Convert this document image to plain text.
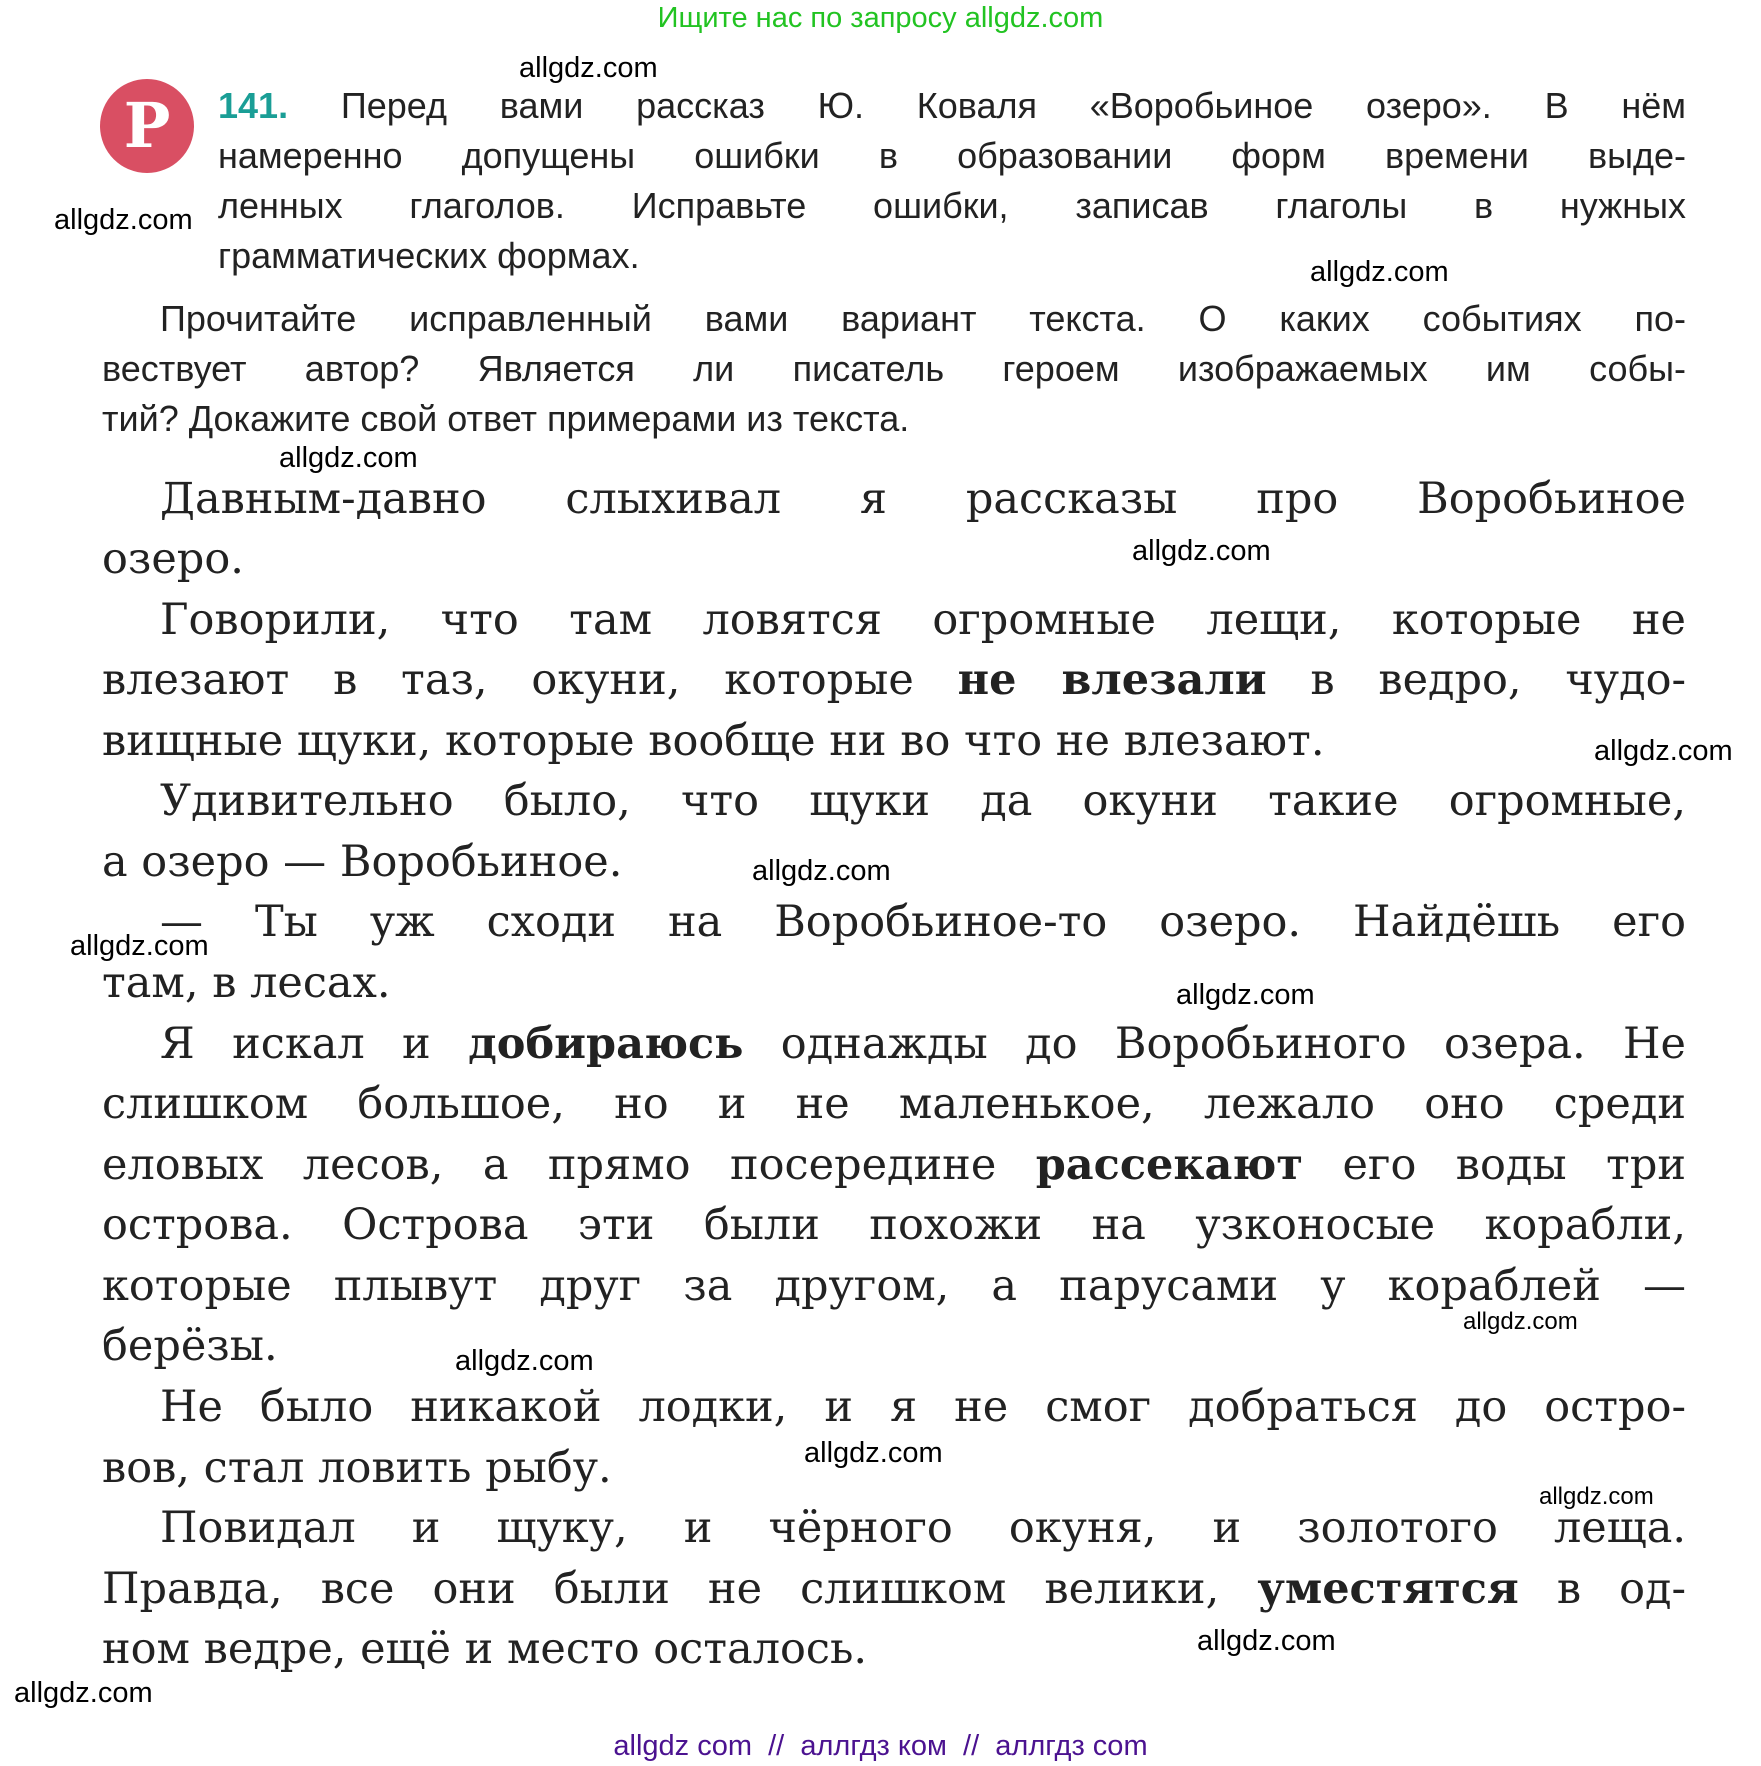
Ищите нас по запросу allgdz.com
Р	141. Перед вами рассказ Ю. Коваля «Воробьиное озеро». В нём
намеренно допущены ошибки в образовании форм времени выде-
ленных глаголов. Исправьте ошибки, записав глаголы в нужных
грамматических формах.
Прочитайте исправленный вами вариант текста. О каких событиях по-
вествует автор? Является ли писатель героем изображаемых им собы-
тий? Докажите свой ответ примерами из текста.
Давным-давно слыхивал я рассказы про Воробьиное
озеро.
Говорили, что там ловятся огромные лещи, которые не
влезают в таз, окуни, которые не влезали в ведро, чудо-
вищные щуки, которые вообще ни во что не влезают.
Удивительно было, что щуки да окуни такие огромные,
а озеро — Воробьиное.
— Ты уж сходи на Воробьиное-то озеро. Найдёшь его
там, в лесах.
Я искал и добираюсь однажды до Воробьиного озера. Не
слишком большое, но и не маленькое, лежало оно среди
еловых лесов, а прямо посередине рассекают его воды три
острова. Острова эти были похожи на узконосые корабли,
которые плывут друг за другом, а парусами у кораблей —
берёзы.
Не было никакой лодки, и я не смог добраться до остро-
вов, стал ловить рыбу.
Повидал и щуку, и чёрного окуня, и золотого леща.
Правда, все они были не слишком велики, уместятся в од-
ном ведре, ещё и место осталось.
allgdz.com
allgdz.com
allgdz.com
allgdz.com
allgdz.com
allgdz.com
allgdz.com
allgdz.com
allgdz.com
allgdz.com
allgdz.com
allgdz.com
allgdz.com
allgdz.com
allgdz.com
allgdz com  //  аллгдз ком  //  аллгдз com
